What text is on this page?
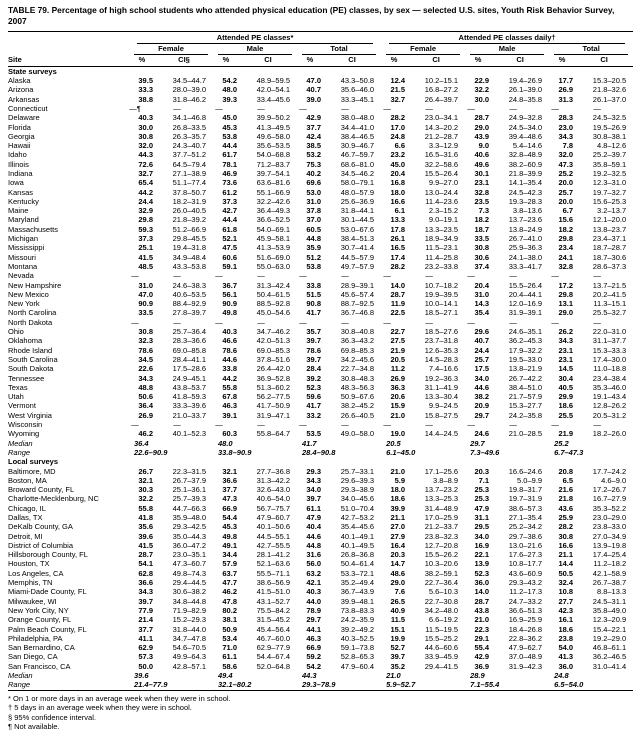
TABLE 79. Percentage of high school students who attended physical education (PE) classes, by sex — selected U.S. sites, Youth Risk Behavior Survey, 2007

	Attended PE classes*						Attended PE classes daily†					

	Female		Male		Total		Female		Male		Total	

Site	%	CI§	%	CI	%	CI	%	CI	%	CI	%	CI
State surveys												
Alaska	39.5	34.5–44.7	54.2	48.9–59.5	47.0	43.3–50.8	12.4	10.2–15.1	22.9	19.4–26.9	17.7	15.3–20.5
Arizona	33.3	28.0–39.0	48.0	42.0–54.1	40.7	35.6–46.0	21.5	16.8–27.2	32.2	26.1–39.0	26.9	21.8–32.6
Arkansas	38.8	31.8–46.2	39.3	33.4–45.6	39.0	33.3–45.1	32.7	26.4–39.7	30.0	24.8–35.8	31.3	26.1–37.0
Connecticut	—¶	—	—	—	—	—	—	—	—	—	—	—
Delaware	40.3	34.1–46.8	45.0	39.9–50.2	42.9	38.0–48.0	28.2	23.0–34.1	28.7	24.9–32.8	28.3	24.5–32.5
Florida	30.0	26.8–33.5	45.3	41.3–49.5	37.7	34.4–41.0	17.0	14.3–20.2	29.0	24.5–34.0	23.0	19.5–26.9
Georgia	30.8	26.3–35.7	53.8	49.6–58.0	42.4	38.4–46.5	24.8	21.2–28.7	43.9	39.4–48.6	34.3	30.8–38.1
Hawaii	32.0	24.3–40.7	44.4	35.6–53.5	38.5	30.9–46.7	6.6	3.3–12.9	9.0	5.4–14.6	7.8	4.8–12.6
Idaho	44.3	37.7–51.2	61.7	54.0–68.8	53.2	46.7–59.7	23.2	16.5–31.6	40.6	32.8–48.9	32.0	25.2–39.7
Illinois	72.6	64.5–79.4	78.1	71.2–83.7	75.3	68.6–81.0	45.0	32.2–58.6	49.6	38.2–60.9	47.3	35.8–59.1
Indiana	32.7	27.1–38.9	46.9	39.7–54.1	40.2	34.5–46.2	20.4	15.5–26.4	30.1	21.8–39.9	25.2	19.2–32.5
Iowa	65.4	51.1–77.4	73.6	63.6–81.6	69.6	58.0–79.1	16.8	9.9–27.0	23.1	14.1–35.4	20.0	12.3–31.0
Kansas	44.2	37.8–50.7	61.2	55.1–66.9	53.0	48.0–57.9	18.0	13.0–24.4	32.8	24.5–42.3	25.7	19.7–32.7
Kentucky	24.4	18.2–31.9	37.3	32.2–42.6	31.0	25.6–36.9	16.6	11.4–23.6	23.5	19.3–28.3	20.0	15.6–25.3
Maine	32.9	26.0–40.5	42.7	36.4–49.3	37.8	31.8–44.1	6.1	2.3–15.2	7.3	3.8–13.6	6.7	3.2–13.7
Maryland	29.8	21.8–39.2	44.4	36.6–52.5	37.0	30.1–44.5	13.3	9.0–19.1	18.2	13.7–23.6	15.6	12.1–20.0
Massachusetts	59.3	51.2–66.9	61.8	54.0–69.1	60.5	53.0–67.6	17.8	13.3–23.5	18.7	13.8–24.9	18.2	13.8–23.7
Michigan	37.3	29.8–45.5	52.1	45.9–58.1	44.8	38.4–51.3	26.1	18.9–34.9	33.5	26.7–41.0	29.8	23.4–37.1
Mississippi	25.1	19.4–31.8	47.5	41.3–53.9	35.9	30.7–41.4	16.5	11.5–23.1	30.8	25.9–36.3	23.4	18.7–28.7
Missouri	41.5	34.9–48.4	60.6	51.6–69.0	51.2	44.5–57.9	17.4	11.4–25.8	30.6	24.1–38.0	24.1	18.7–30.6
Montana	48.5	43.3–53.8	59.1	55.0–63.0	53.8	49.7–57.9	28.2	23.2–33.8	37.4	33.3–41.7	32.8	28.6–37.3
Nevada	—	—	—	—	—	—	—	—	—	—	—	—
New Hampshire	31.0	24.6–38.3	36.7	31.3–42.4	33.8	28.9–39.1	14.0	10.7–18.2	20.4	15.5–26.4	17.2	13.7–21.5
New Mexico	47.0	40.6–53.5	56.1	50.4–61.5	51.5	45.6–57.4	28.7	19.9–39.5	31.0	20.4–44.1	29.8	20.2–41.5
New York	90.9	88.4–92.9	90.9	88.5–92.8	90.8	88.7–92.5	11.9	10.0–14.1	14.3	12.0–16.9	13.1	11.3–15.1
North Carolina	33.5	27.8–39.7	49.8	45.0–54.6	41.7	36.7–46.8	22.5	18.5–27.1	35.4	31.9–39.1	29.0	25.5–32.7
North Dakota	—	—	—	—	—	—	—	—	—	—	—	—
Ohio	30.8	25.7–36.4	40.3	34.7–46.2	35.7	30.8–40.8	22.7	18.5–27.6	29.6	24.6–35.1	26.2	22.0–31.0
Oklahoma	32.3	28.3–36.6	46.6	42.0–51.3	39.7	36.3–43.2	27.5	23.7–31.8	40.7	36.2–45.3	34.3	31.1–37.7
Rhode Island	78.6	69.0–85.8	78.6	69.0–85.3	78.6	69.8–85.3	21.9	12.6–35.3	24.4	17.9–32.2	23.1	15.3–33.3
South Carolina	34.5	28.4–41.1	44.6	37.8–51.6	39.7	34.2–45.6	20.5	14.5–28.3	25.7	19.5–33.0	23.1	17.4–30.0
South Dakota	22.6	17.5–28.6	33.8	26.4–42.0	28.4	22.7–34.8	11.2	7.4–16.6	17.5	13.8–21.9	14.5	11.0–18.8
Tennessee	34.3	24.9–45.1	44.2	36.9–52.8	39.2	30.8–48.3	26.9	19.2–36.3	34.0	26.7–42.2	30.4	23.4–38.4
Texas	48.8	43.8–53.7	55.8	51.3–60.2	52.3	48.3–56.3	36.3	31.1–41.9	44.6	38.4–51.0	40.5	35.3–46.0
Utah	50.6	41.8–59.3	67.8	56.2–77.5	59.6	50.9–67.6	20.6	13.3–30.4	38.2	21.7–57.9	29.9	19.1–43.4
Vermont	36.4	33.3–39.6	46.3	41.7–50.9	41.7	38.2–45.2	15.9	9.9–24.5	20.9	15.3–27.7	18.6	12.8–26.2
West Virginia	26.9	21.0–33.7	39.1	31.9–47.1	33.2	26.6–40.5	21.0	15.8–27.5	29.7	24.2–35.8	25.5	20.5–31.2
Wisconsin	—	—	—	—	—	—	—	—	—	—	—	—
Wyoming	46.2	40.1–52.3	60.3	55.8–64.7	53.5	49.0–58.0	19.0	14.4–24.5	24.6	21.0–28.5	21.9	18.2–26.0
Median	36.4		48.0		41.7		20.5		29.7		25.2	
Range	22.6–90.9		33.8–90.9		28.4–90.8		6.1–45.0		7.3–49.6		6.7–47.3	
Local surveys												
Baltimore, MD	26.7	22.3–31.5	32.1	27.7–36.8	29.3	25.7–33.1	21.0	17.1–25.6	20.3	16.6–24.6	20.8	17.7–24.2
Boston, MA	32.1	26.7–37.9	36.6	31.3–42.2	34.3	29.6–39.3	5.9	3.8–8.9	7.1	5.0–9.9	6.5	4.6–9.0
Broward County, FL	30.3	25.1–36.1	37.7	32.6–43.0	34.0	29.3–38.9	18.0	13.7–23.2	25.3	19.8–31.7	21.6	17.2–26.7
Charlotte-Mecklenburg, NC	32.2	25.7–39.3	47.3	40.6–54.0	39.7	34.0–45.6	18.6	13.3–25.3	25.3	19.7–31.9	21.8	16.7–27.9
Chicago, IL	55.8	44.7–66.3	66.9	56.7–75.7	61.1	51.0–70.4	39.9	31.4–48.9	47.9	38.6–57.3	43.6	35.3–52.2
Dallas, TX	41.8	35.9–48.0	54.4	47.9–60.7	47.9	42.7–53.2	21.1	17.0–25.9	31.1	27.1–35.4	25.9	23.0–29.0
DeKalb County, GA	35.6	29.3–42.5	45.3	40.1–50.6	40.4	35.4–45.6	27.0	21.2–33.7	29.5	25.2–34.2	28.2	23.8–33.0
Detroit, MI	39.6	35.0–44.3	49.8	44.5–55.1	44.6	40.1–49.1	27.9	23.8–32.3	34.0	29.7–38.6	30.8	27.0–34.9
District of Columbia	41.5	36.0–47.2	49.1	42.7–55.5	44.8	40.1–49.5	16.4	12.7–20.8	16.9	13.0–21.6	16.6	13.9–19.8
Hillsborough County, FL	28.7	23.0–35.1	34.4	28.1–41.2	31.6	26.8–36.8	20.3	15.5–26.2	22.1	17.6–27.3	21.1	17.4–25.4
Houston, TX	54.1	47.3–60.7	57.9	52.1–63.6	56.0	50.4–61.4	14.7	10.3–20.6	13.9	10.8–17.7	14.4	11.2–18.2
Los Angeles, CA	62.8	49.8–74.3	63.7	55.5–71.1	63.2	53.3–72.1	48.6	38.2–59.1	52.3	43.6–60.9	50.5	42.1–58.9
Memphis, TN	36.6	29.4–44.5	47.7	38.6–56.9	42.1	35.2–49.4	29.0	22.7–36.4	36.0	29.3–43.2	32.4	26.7–38.7
Miami-Dade County, FL	34.3	30.6–38.2	46.2	41.5–51.0	40.3	36.7–43.9	7.6	5.6–10.3	14.0	11.2–17.3	10.8	8.8–13.3
Milwaukee, WI	39.7	34.8–44.8	47.8	43.1–52.7	44.0	39.9–48.1	26.5	22.7–30.8	28.7	24.7–33.2	27.7	24.5–31.1
New York City, NY	77.9	71.9–82.9	80.2	75.5–84.2	78.9	73.8–83.3	40.9	34.2–48.0	43.8	36.6–51.3	42.3	35.8–49.0
Orange County, FL	21.4	15.2–29.3	38.1	31.5–45.2	29.7	24.2–35.9	11.5	6.6–19.2	21.0	16.9–25.9	16.1	12.3–20.9
Palm Beach County, FL	37.7	31.8–44.0	50.9	45.4–56.4	44.1	39.2–49.2	15.1	11.5–19.5	22.3	18.4–26.8	18.6	15.4–22.1
Philadelphia, PA	41.1	34.7–47.8	53.4	46.7–60.0	46.3	40.3–52.5	19.9	15.5–25.2	29.1	22.8–36.2	23.8	19.2–29.0
San Bernardino, CA	62.9	54.6–70.5	71.0	62.9–77.9	66.9	59.1–73.8	52.7	44.6–60.6	55.4	47.9–62.7	54.0	46.8–61.1
San Diego, CA	57.3	49.9–64.3	61.1	54.4–67.4	59.2	52.8–65.3	39.7	33.9–45.9	42.9	37.0–48.9	41.3	36.2–46.5
San Francisco, CA	50.0	42.8–57.1	58.6	52.0–64.8	54.2	47.9–60.4	35.2	29.4–41.5	36.9	31.9–42.3	36.0	31.0–41.4
Median	39.6		49.4		44.3		21.0		28.9		24.8	
Range	21.4–77.9		32.1–80.2		29.3–78.9		5.9–52.7		7.1–55.4		6.5–54.0	
* On 1 or more days in an average week when they were in school.
† 5 days in an average week when they were in school.
§ 95% confidence interval.
¶ Not available.
